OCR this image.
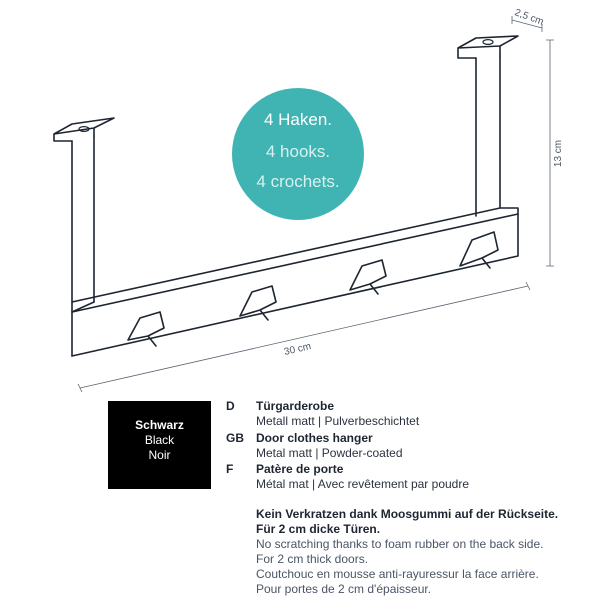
2,5 cm
13 cm
30 cm
4 Haken.
4 hooks.
4 crochets.
Schwarz
Black
Noir
D Türgarderobe
Metall matt | Pulverbeschichtet
GB Door clothes hanger
Metal matt | Powder-coated
F Patère de porte
Métal mat | Avec revêtement par poudre
Kein Verkratzen dank Moosgummi auf der Rückseite.
Für 2 cm dicke Türen.
No scratching thanks to foam rubber on the back side.
For 2 cm thick doors.
Coutchouc en mousse anti-rayuressur la face arrière.
Pour portes de 2 cm d'épaisseur.
